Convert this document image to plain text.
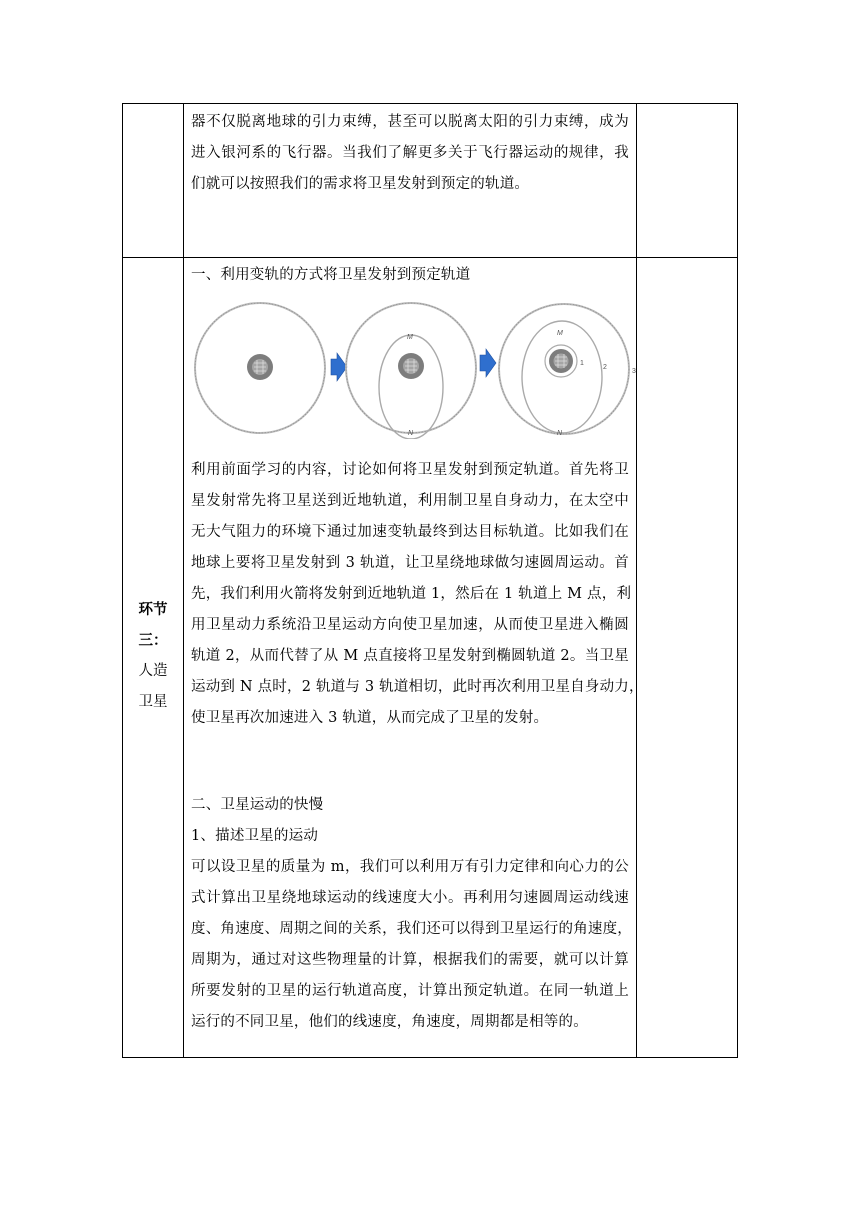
器不仅脱离地球的引力束缚，甚至可以脱离太阳的引力束缚，成为
进入银河系的飞行器。当我们了解更多关于飞行器运动的规律，我
们就可以按照我们的需求将卫星发射到预定的轨道。
环节
三：
人造
卫星
一、利用变轨的方式将卫星发射到预定轨道
M
N
M
N
1
2
3
利用前面学习的内容，讨论如何将卫星发射到预定轨道。首先将卫
星发射常先将卫星送到近地轨道，利用制卫星自身动力，在太空中
无大气阻力的环境下通过加速变轨最终到达目标轨道。比如我们在
地球上要将卫星发射到 3 轨道，让卫星绕地球做匀速圆周运动。首
先，我们利用火箭将发射到近地轨道 1，然后在 1 轨道上 M 点，利
用卫星动力系统沿卫星运动方向使卫星加速，从而使卫星进入椭圆
轨道 2，从而代替了从 M 点直接将卫星发射到椭圆轨道 2。当卫星
运动到 N 点时，2 轨道与 3 轨道相切，此时再次利用卫星自身动力，
使卫星再次加速进入 3 轨道，从而完成了卫星的发射。
二、卫星运动的快慢
1、描述卫星的运动
可以设卫星的质量为 m，我们可以利用万有引力定律和向心力的公
式计算出卫星绕地球运动的线速度大小。再利用匀速圆周运动线速
度、角速度、周期之间的关系，我们还可以得到卫星运行的角速度，
周期为，通过对这些物理量的计算，根据我们的需要，就可以计算
所要发射的卫星的运行轨道高度，计算出预定轨道。在同一轨道上
运行的不同卫星，他们的线速度，角速度，周期都是相等的。
